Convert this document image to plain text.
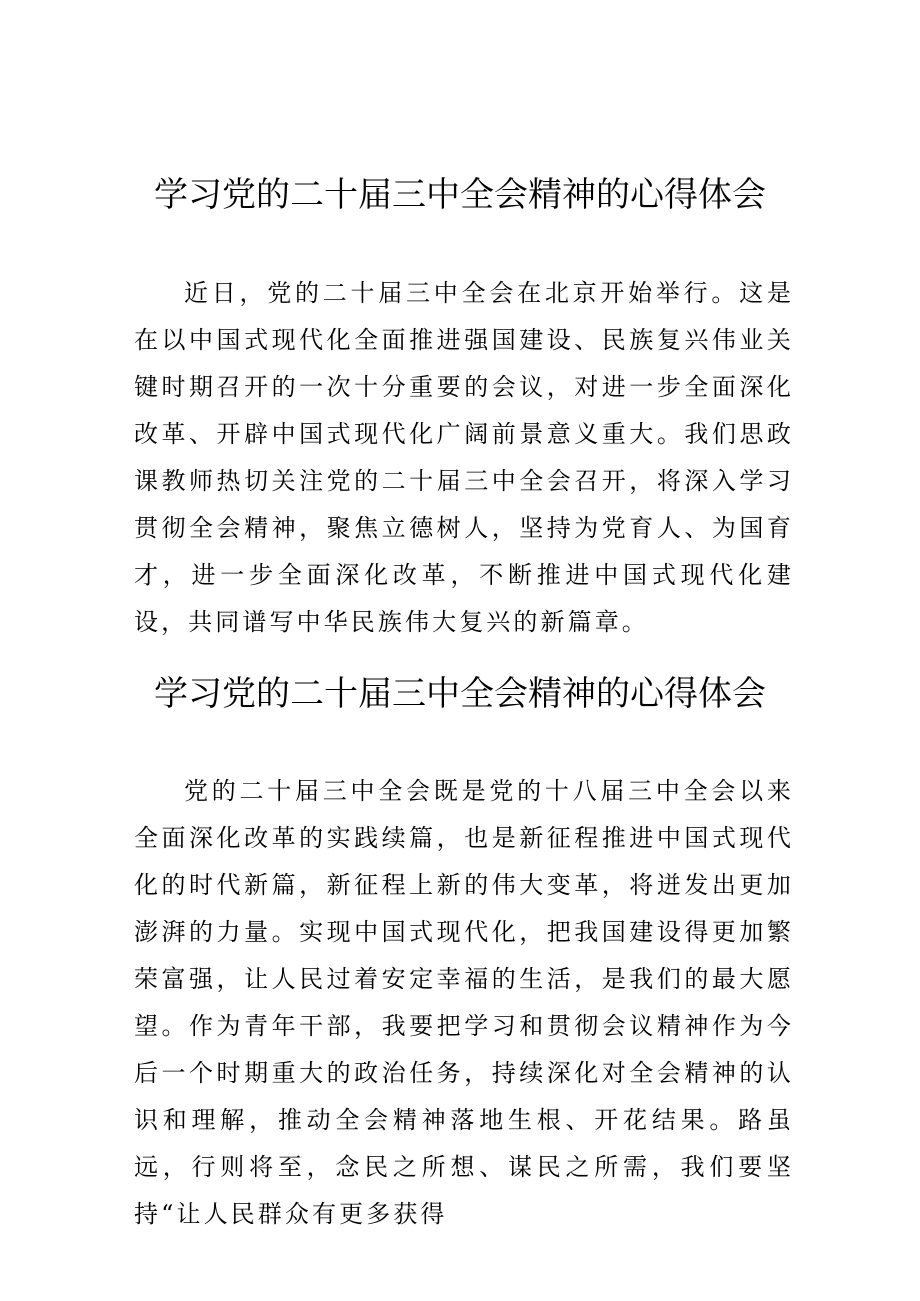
学习党的二十届三中全会精神的心得体会

近日，党的二十届三中全会在北京开始举行。这是在以中国式现代化全面推进强国建设、民族复兴伟业关键时期召开的一次十分重要的会议，对进一步全面深化改革、开辟中国式现代化广阔前景意义重大。我们思政课教师热切关注党的二十届三中全会召开，将深入学习贯彻全会精神，聚焦立德树人，坚持为党育人、为国育才，进一步全面深化改革，不断推进中国式现代化建设，共同谱写中华民族伟大复兴的新篇章。

学习党的二十届三中全会精神的心得体会

党的二十届三中全会既是党的十八届三中全会以来全面深化改革的实践续篇，也是新征程推进中国式现代化的时代新篇，新征程上新的伟大变革，将迸发出更加澎湃的力量。实现中国式现代化，把我国建设得更加繁荣富强，让人民过着安定幸福的生活，是我们的最大愿望。作为青年干部，我要把学习和贯彻会议精神作为今后一个时期重大的政治任务，持续深化对全会精神的认识和理解，推动全会精神落地生根、开花结果。路虽远，行则将至，念民之所想、谋民之所需，我们要坚持“让人民群众有更多获得
